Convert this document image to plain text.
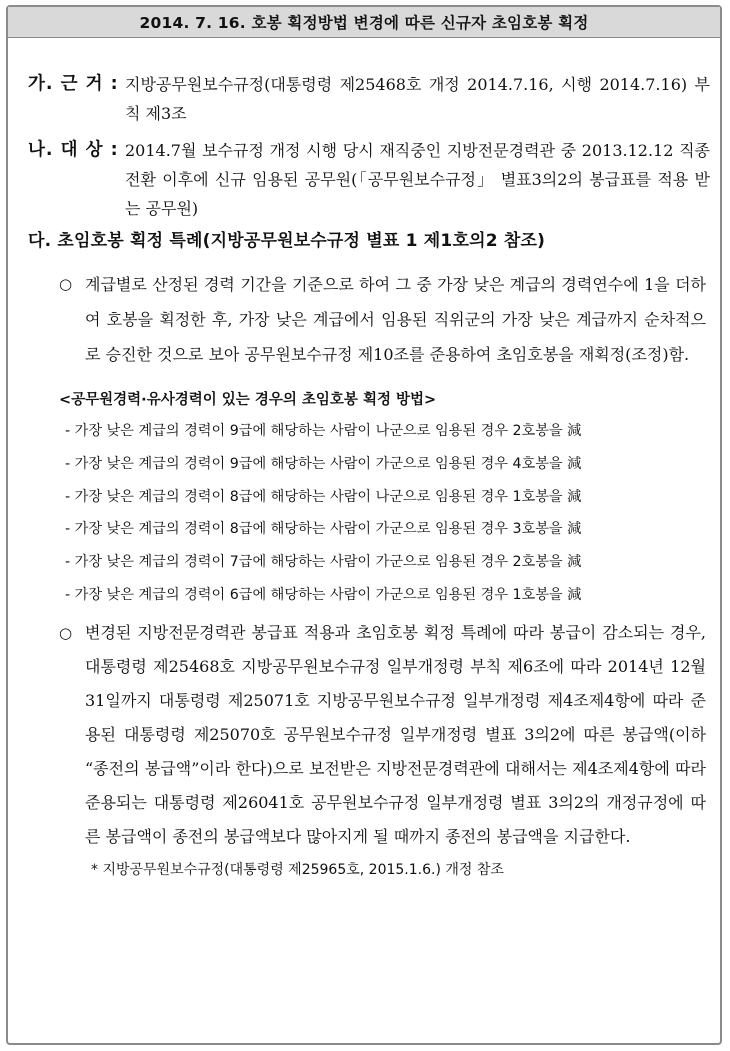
2014. 7. 16. 호봉 획정방법 변경에 따른 신규자 초임호봉 획정
가. 근 거 : 지방공무원보수규정(대통령령 제25468호 개정 2014.7.16, 시행 2014.7.16) 부칙 제3조
나. 대 상 : 2014.7월 보수규정 개정 시행 당시 재직중인 지방전문경력관 중 2013.12.12 직종전환 이후에 신규 임용된 공무원(「공무원보수규정」 별표3의2의 봉급표를 적용 받는 공무원)
다. 초임호봉 획정 특례(지방공무원보수규정 별표 1 제1호의2 참조)
○ 계급별로 산정된 경력 기간을 기준으로 하여 그 중 가장 낮은 계급의 경력연수에 1을 더하여 호봉을 획정한 후, 가장 낮은 계급에서 임용된 직위군의 가장 낮은 계급까지 순차적으로 승진한 것으로 보아 공무원보수규정 제10조를 준용하여 초임호봉을 재획정(조정)함.
<공무원경력·유사경력이 있는 경우의 초임호봉 획정 방법>
- 가장 낮은 계급의 경력이 9급에 해당하는 사람이 나군으로 임용된 경우 2호봉을 減
- 가장 낮은 계급의 경력이 9급에 해당하는 사람이 가군으로 임용된 경우 4호봉을 減
- 가장 낮은 계급의 경력이 8급에 해당하는 사람이 나군으로 임용된 경우 1호봉을 減
- 가장 낮은 계급의 경력이 8급에 해당하는 사람이 가군으로 임용된 경우 3호봉을 減
- 가장 낮은 계급의 경력이 7급에 해당하는 사람이 가군으로 임용된 경우 2호봉을 減
- 가장 낮은 계급의 경력이 6급에 해당하는 사람이 가군으로 임용된 경우 1호봉을 減
○ 변경된 지방전문경력관 봉급표 적용과 초임호봉 획정 특례에 따라 봉급이 감소되는 경우, 대통령령 제25468호 지방공무원보수규정 일부개정령 부칙 제6조에 따라 2014년 12월 31일까지 대통령령 제25071호 지방공무원보수규정 일부개정령 제4조제4항에 따라 준용된 대통령령 제25070호 공무원보수규정 일부개정령 별표 3의2에 따른 봉급액(이하 “종전의 봉급액”이라 한다)으로 보전받은 지방전문경력관에 대해서는 제4조제4항에 따라 준용되는 대통령령 제26041호 공무원보수규정 일부개정령 별표 3의2의 개정규정에 따른 봉급액이 종전의 봉급액보다 많아지게 될 때까지 종전의 봉급액을 지급한다.
* 지방공무원보수규정(대통령령 제25965호, 2015.1.6.) 개정 참조
